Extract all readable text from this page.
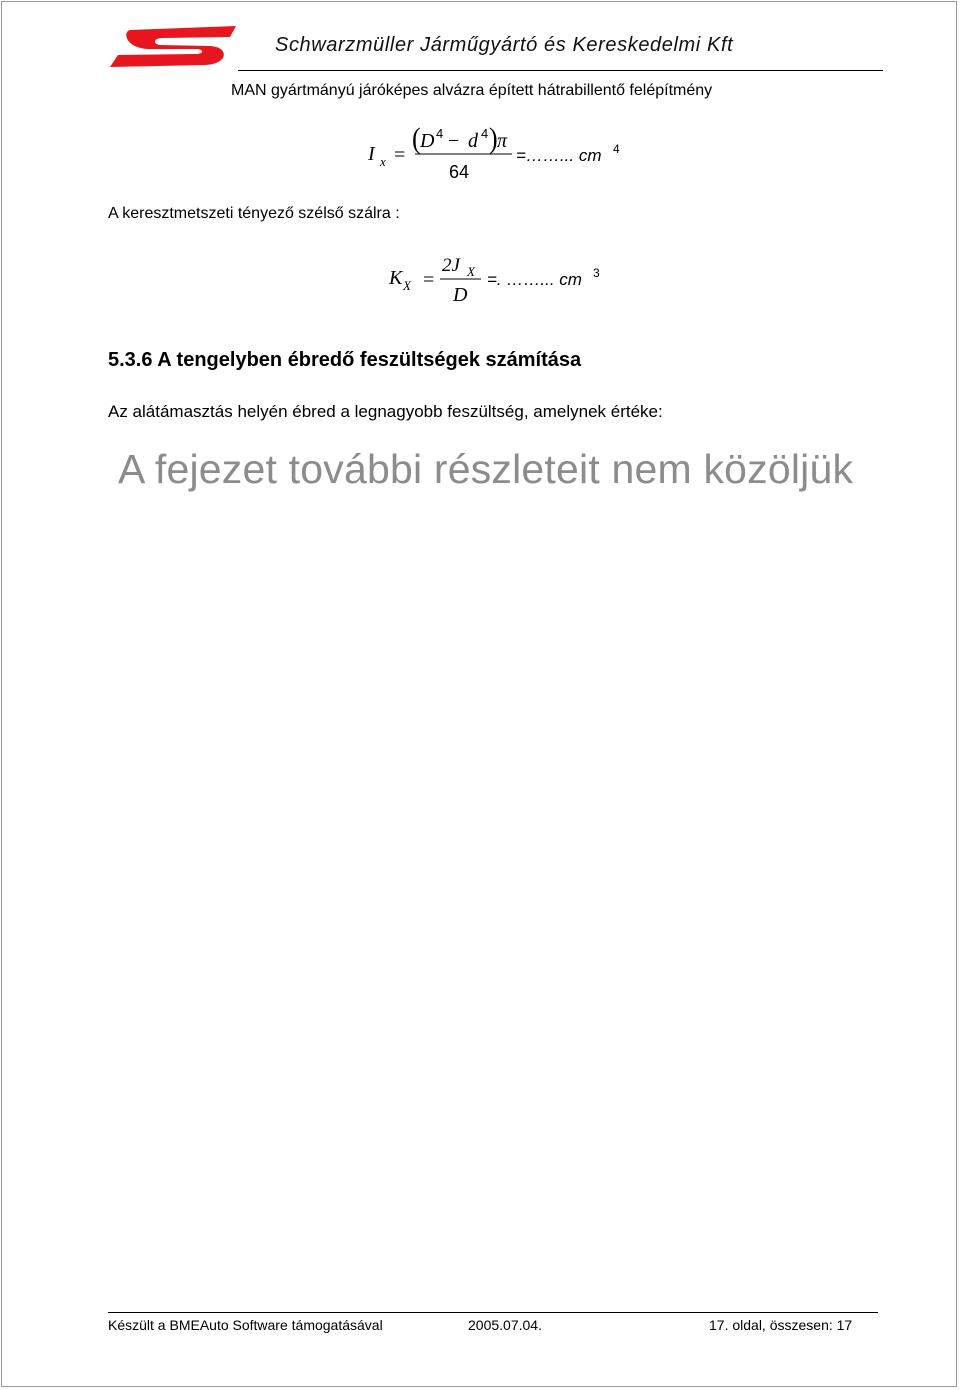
Schwarzmüller Járműgyártó és Kereskedelmi Kft
MAN gyártmányú járóképes alvázra épített hátrabillentő felépítmény
I x = ( D 4 − d 4 ) π
64
=……... cm 4
A keresztmetszeti tényező szélső szálra :
K X =
2J X
D
=. ……... cm 3
5.3.6 A tengelyben ébredő feszültségek számítása
Az alátámasztás helyén ébred a legnagyobb feszültség, amelynek értéke:
A fejezet további részleteit nem közöljük
Készült a BMEAuto Software támogatásával	2005.07.04.	17. oldal, összesen: 17
